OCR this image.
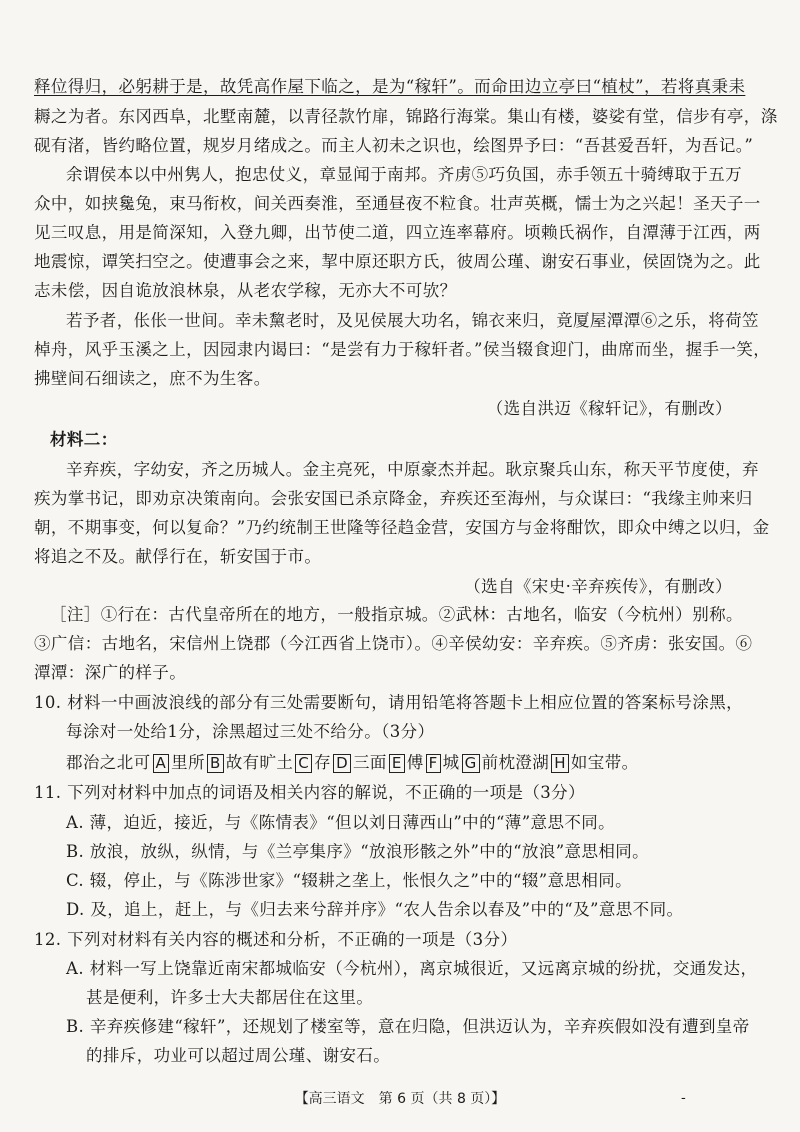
释位得归，必躬耕于是，故凭高作屋下临之，是为“稼轩”。而命田边立亭曰“植杖”，若将真秉耒
耨之为者。东冈西阜，北墅南麓，以青径款竹扉，锦路行海棠。集山有楼，婆娑有堂，信步有亭，涤
砚有渚，皆约略位置，规岁月绪成之。而主人初未之识也，绘图畀予曰：“吾甚爱吾轩，为吾记。”
余谓侯本以中州隽人，抱忠仗义，章显闻于南邦。齐虏⑤巧负国，赤手领五十骑缚取于五万
众中，如挟毚兔，束马衔枚，间关西奏淮，至通昼夜不粒食。壮声英概，懦士为之兴起！圣天子一
见三叹息，用是简深知，入登九卿，出节使二道，四立连率幕府。顷赖氏祸作，自潭薄于江西，两
地震惊，谭笑扫空之。使遭事会之来，挈中原还职方氏，彼周公瑾、谢安石事业，侯固饶为之。此
志未偿，因自诡放浪林泉，从老农学稼，无亦大不可欤？
若予者，伥伥一世间。幸未黧老时，及见侯展大功名，锦衣来归，竟厦屋潭潭⑥之乐，将荷笠
棹舟，风乎玉溪之上，因园隶内谒曰：“是尝有力于稼轩者。”侯当辍食迎门，曲席而坐，握手一笑，
拂壁间石细读之，庶不为生客。
（选自洪迈《稼轩记》，有删改）
材料二：
辛弃疾，字幼安，齐之历城人。金主亮死，中原豪杰并起。耿京聚兵山东，称天平节度使，弃
疾为掌书记，即劝京决策南向。会张安国已杀京降金，弃疾还至海州，与众谋曰：“我缘主帅来归
朝，不期事变，何以复命？”乃约统制王世隆等径趋金营，安国方与金将酣饮，即众中缚之以归，金
将追之不及。献俘行在，斩安国于市。
（选自《宋史·辛弃疾传》，有删改）
［注］①行在：古代皇帝所在的地方，一般指京城。②武林：古地名，临安（今杭州）别称。
③广信：古地名，宋信州上饶郡（今江西省上饶市）。④辛侯幼安：辛弃疾。⑤齐虏：张安国。⑥
潭潭：深广的样子。
10. 材料一中画波浪线的部分有三处需要断句，请用铅笔将答题卡上相应位置的答案标号涂黑，
每涂对一处给1分，涂黑超过三处不给分。（3分）
郡治之北可 A 里所 B 故有旷土 C 存 D 三面 E 傅 F 城 G 前枕澄湖 H 如宝带。
11. 下列对材料中加点的词语及相关内容的解说，不正确的一项是（3分）
A. 薄，迫近，接近，与《陈情表》“但以刘日薄西山”中的“薄”意思不同。
B. 放浪，放纵，纵情，与《兰亭集序》“放浪形骸之外”中的“放浪”意思相同。
C. 辍，停止，与《陈涉世家》“辍耕之垄上，怅恨久之”中的“辍”意思相同。
D. 及，追上，赶上，与《归去来兮辞并序》“农人告余以春及”中的“及”意思不同。
12. 下列对材料有关内容的概述和分析，不正确的一项是（3分）
A. 材料一写上饶靠近南宋都城临安（今杭州），离京城很近，又远离京城的纷扰，交通发达，
甚是便利，许多士大夫都居住在这里。
B. 辛弃疾修建“稼轩”，还规划了楼室等，意在归隐，但洪迈认为，辛弃疾假如没有遭到皇帝
的排斥，功业可以超过周公瑾、谢安石。
【高三语文　第 6 页（共 8 页）】	-
